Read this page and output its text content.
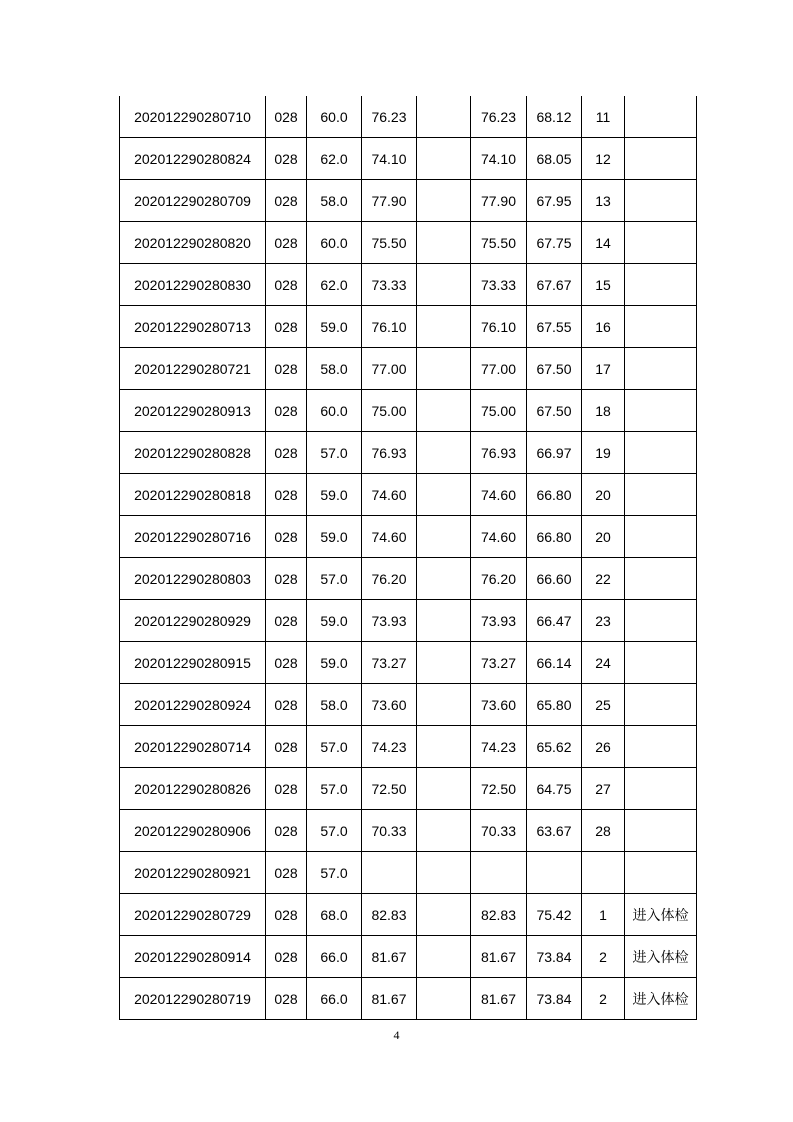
202012290280710	028	60.0	76.23		76.23	68.12	11	
202012290280824	028	62.0	74.10		74.10	68.05	12	
202012290280709	028	58.0	77.90		77.90	67.95	13	
202012290280820	028	60.0	75.50		75.50	67.75	14	
202012290280830	028	62.0	73.33		73.33	67.67	15	
202012290280713	028	59.0	76.10		76.10	67.55	16	
202012290280721	028	58.0	77.00		77.00	67.50	17	
202012290280913	028	60.0	75.00		75.00	67.50	18	
202012290280828	028	57.0	76.93		76.93	66.97	19	
202012290280818	028	59.0	74.60		74.60	66.80	20	
202012290280716	028	59.0	74.60		74.60	66.80	20	
202012290280803	028	57.0	76.20		76.20	66.60	22	
202012290280929	028	59.0	73.93		73.93	66.47	23	
202012290280915	028	59.0	73.27		73.27	66.14	24	
202012290280924	028	58.0	73.60		73.60	65.80	25	
202012290280714	028	57.0	74.23		74.23	65.62	26	
202012290280826	028	57.0	72.50		72.50	64.75	27	
202012290280906	028	57.0	70.33		70.33	63.67	28	
202012290280921	028	57.0						
202012290280729	028	68.0	82.83		82.83	75.42	1	进入体检
202012290280914	028	66.0	81.67		81.67	73.84	2	进入体检
202012290280719	028	66.0	81.67		81.67	73.84	2	进入体检
4
